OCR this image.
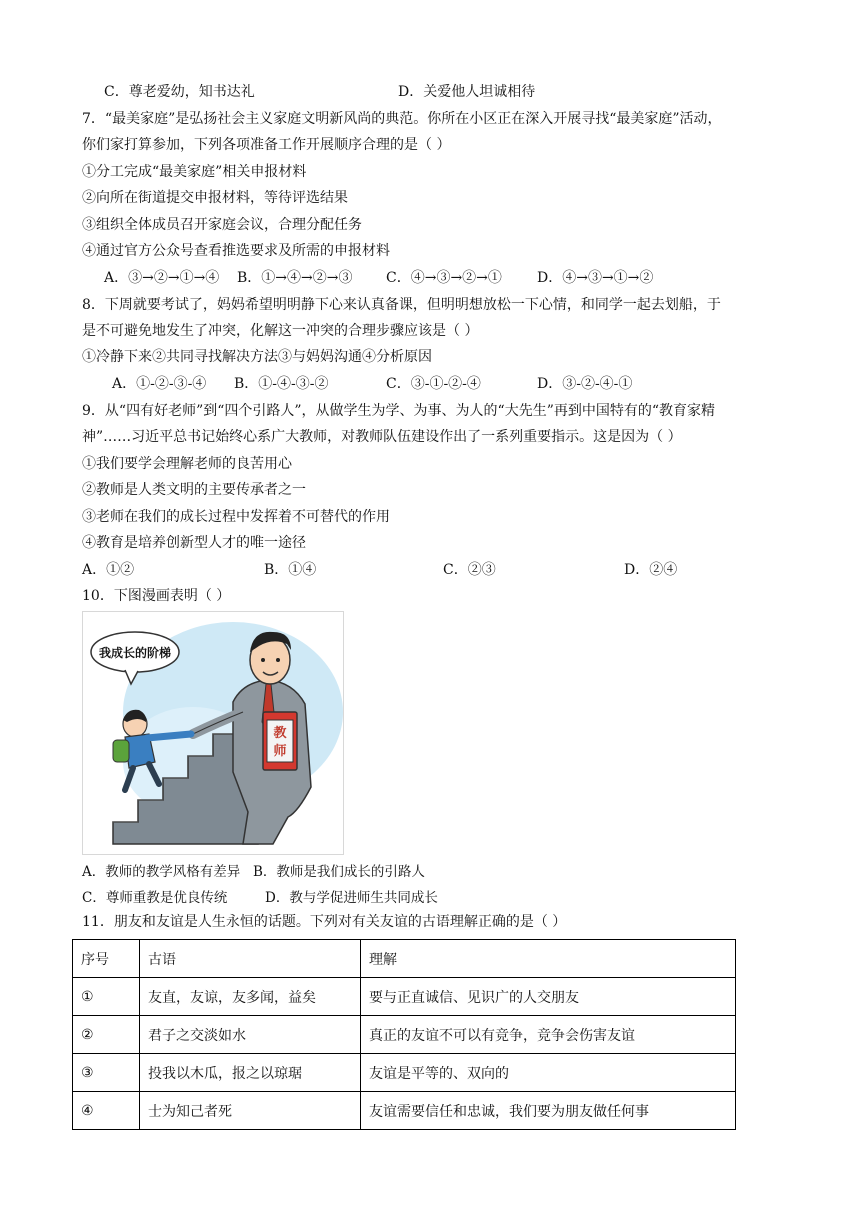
C．尊老爱幼，知书达礼	D．关爱他人坦诚相待
7．“最美家庭”是弘扬社会主义家庭文明新风尚的典范。你所在小区正在深入开展寻找“最美家庭”活动，
你们家打算参加，下列各项准备工作开展顺序合理的是（ ）
①分工完成“最美家庭”相关申报材料
②向所在街道提交申报材料，等待评选结果
③组织全体成员召开家庭会议，合理分配任务
④通过官方公众号查看推选要求及所需的申报材料
A．③→②→①→④ B．①→④→②→③ C．④→③→②→①	D．④→③→①→②
8．下周就要考试了，妈妈希望明明静下心来认真备课，但明明想放松一下心情，和同学一起去划船，于
是不可避免地发生了冲突，化解这一冲突的合理步骤应该是（ ）
①冷静下来②共同寻找解决方法③与妈妈沟通④分析原因
A．①-②-③-④ B．①-④-③-②	C．③-①-②-④	D．③-②-④-①
9．从“四有好老师”到“四个引路人”，从做学生为学、为事、为人的“大先生”再到中国特有的“教育家精
神”……习近平总书记始终心系广大教师，对教师队伍建设作出了一系列重要指示。这是因为（ ）
①我们要学会理解老师的良苦用心
②教师是人类文明的主要传承者之一
③老师在我们的成长过程中发挥着不可替代的作用
④教育是培养创新型人才的唯一途径
A．①②	B．①④	C．②③	D．②④
10．下图漫画表明（ ）
教
师
我成长的阶梯
A．教师的教学风格有差异 B．教师是我们成长的引路人
C．尊师重教是优良传统	D．教与学促进师生共同成长
11．朋友和友谊是人生永恒的话题。下列对有关友谊的古语理解正确的是（ ）
序号	古语	理解
①	友直，友谅，友多闻，益矣	要与正直诚信、见识广的人交朋友
②	君子之交淡如水	真正的友谊不可以有竞争，竞争会伤害友谊
③	投我以木瓜，报之以琼琚	友谊是平等的、双向的
④	士为知己者死	友谊需要信任和忠诚，我们要为朋友做任何事
